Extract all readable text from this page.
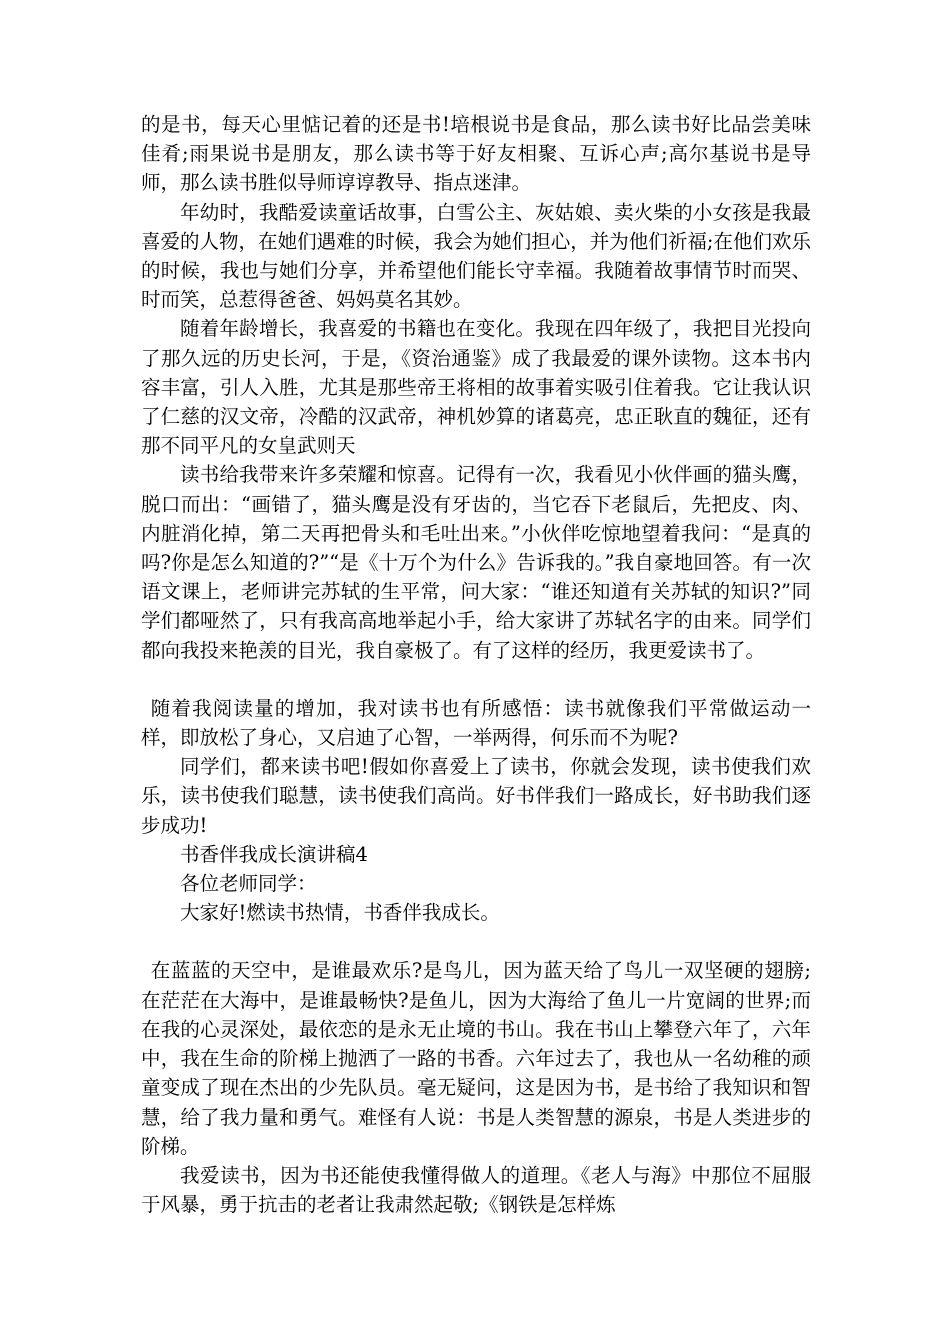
的是书，每天心里惦记着的还是书!培根说书是食品，那么读书好比品尝美味佳肴;雨果说书是朋友，那么读书等于好友相聚、互诉心声;高尔基说书是导师，那么读书胜似导师谆谆教导、指点迷津。

年幼时，我酷爱读童话故事，白雪公主、灰姑娘、卖火柴的小女孩是我最喜爱的人物，在她们遇难的时候，我会为她们担心，并为他们祈福;在他们欢乐的时候，我也与她们分享，并希望他们能长守幸福。我随着故事情节时而哭、时而笑，总惹得爸爸、妈妈莫名其妙。

随着年龄增长，我喜爱的书籍也在变化。我现在四年级了，我把目光投向了那久远的历史长河，于是，《资治通鉴》成了我最爱的课外读物。这本书内容丰富，引人入胜，尤其是那些帝王将相的故事着实吸引住着我。它让我认识了仁慈的汉文帝，冷酷的汉武帝，神机妙算的诸葛亮，忠正耿直的魏征，还有那不同平凡的女皇武则天

读书给我带来许多荣耀和惊喜。记得有一次，我看见小伙伴画的猫头鹰，脱口而出：“画错了，猫头鹰是没有牙齿的，当它吞下老鼠后，先把皮、肉、内脏消化掉，第二天再把骨头和毛吐出来。”小伙伴吃惊地望着我问：“是真的吗?你是怎么知道的?”“是《十万个为什么》告诉我的。”我自豪地回答。有一次语文课上，老师讲完苏轼的生平常，问大家：“谁还知道有关苏轼的知识?”同学们都哑然了，只有我高高地举起小手，给大家讲了苏轼名字的由来。同学们都向我投来艳羡的目光，我自豪极了。有了这样的经历，我更爱读书了。

随着我阅读量的增加，我对读书也有所感悟：读书就像我们平常做运动一样，即放松了身心，又启迪了心智，一举两得，何乐而不为呢?

同学们，都来读书吧!假如你喜爱上了读书，你就会发现，读书使我们欢乐，读书使我们聪慧，读书使我们高尚。好书伴我们一路成长，好书助我们逐步成功!

书香伴我成长演讲稿4

各位老师同学：

大家好!燃读书热情，书香伴我成长。

在蓝蓝的天空中，是谁最欢乐?是鸟儿，因为蓝天给了鸟儿一双坚硬的翅膀;在茫茫在大海中，是谁最畅快?是鱼儿，因为大海给了鱼儿一片宽阔的世界;而在我的心灵深处，最依恋的是永无止境的书山。我在书山上攀登六年了，六年中，我在生命的阶梯上抛洒了一路的书香。六年过去了，我也从一名幼稚的顽童变成了现在杰出的少先队员。毫无疑问，这是因为书，是书给了我知识和智慧，给了我力量和勇气。难怪有人说：书是人类智慧的源泉，书是人类进步的阶梯。

我爱读书，因为书还能使我懂得做人的道理。《老人与海》中那位不屈服于风暴，勇于抗击的老者让我肃然起敬;《钢铁是怎样炼
